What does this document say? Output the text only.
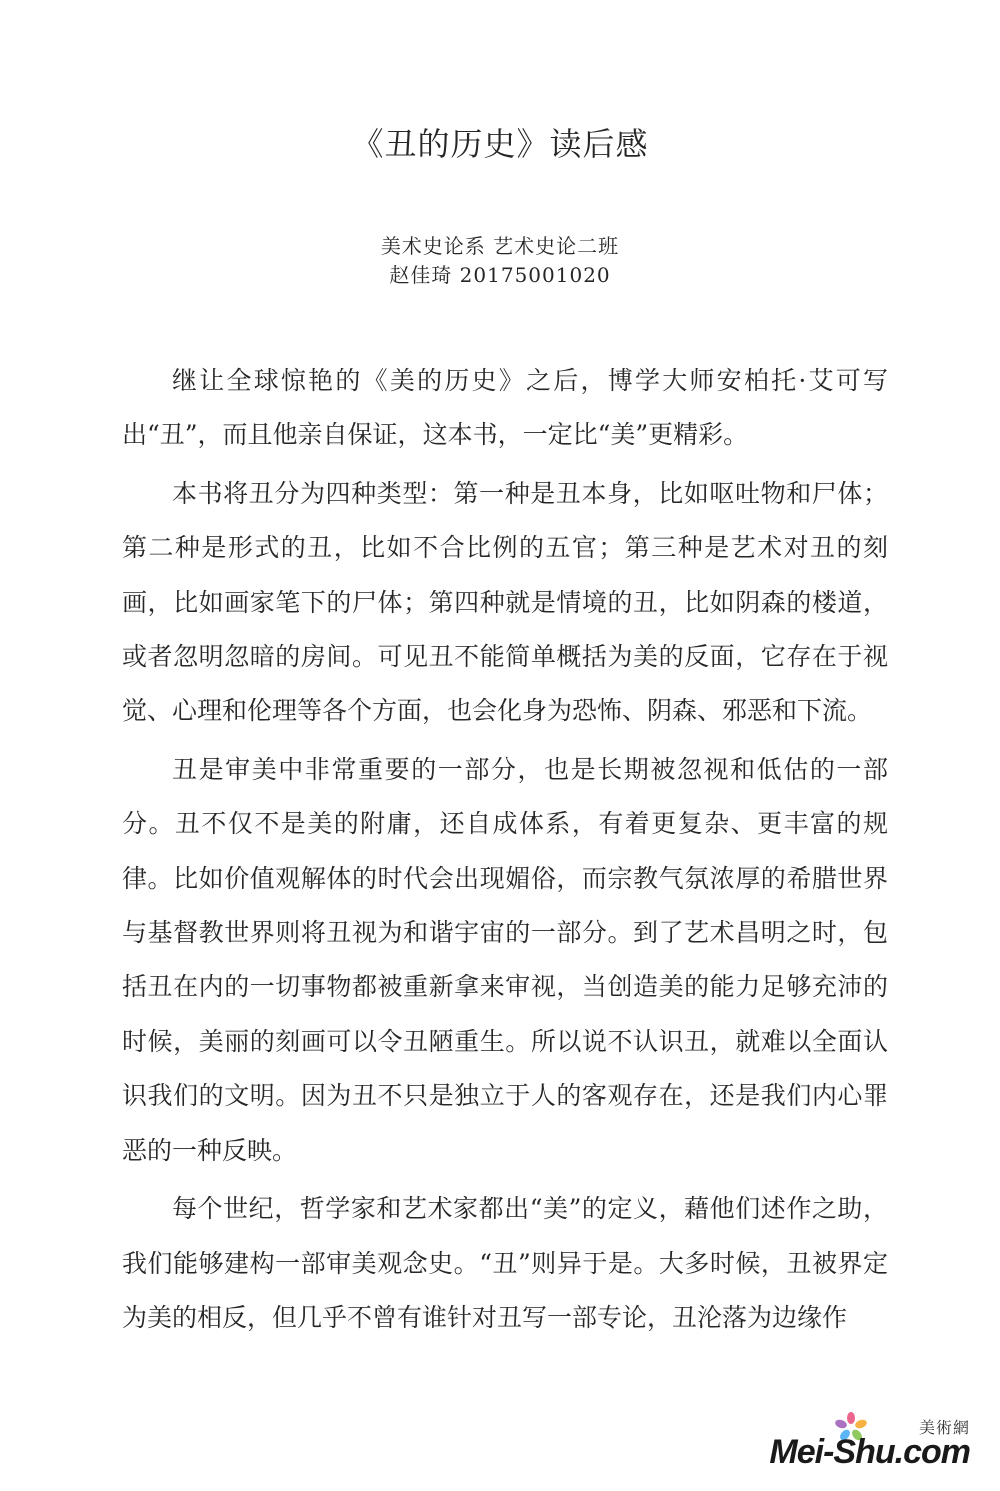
《丑的历史》读后感
美术史论系 艺术史论二班
赵佳琦 20175001020

继让全球惊艳的《美的历史》之后，博学大师安柏托·艾可写出“丑”，而且他亲自保证，这本书，一定比“美”更精彩。

本书将丑分为四种类型：第一种是丑本身，比如呕吐物和尸体；第二种是形式的丑，比如不合比例的五官；第三种是艺术对丑的刻画，比如画家笔下的尸体；第四种就是情境的丑，比如阴森的楼道，或者忽明忽暗的房间。可见丑不能简单概括为美的反面，它存在于视觉、心理和伦理等各个方面，也会化身为恐怖、阴森、邪恶和下流。

丑是审美中非常重要的一部分，也是长期被忽视和低估的一部分。丑不仅不是美的附庸，还自成体系，有着更复杂、更丰富的规律。比如价值观解体的时代会出现媚俗，而宗教气氛浓厚的希腊世界与基督教世界则将丑视为和谐宇宙的一部分。到了艺术昌明之时，包括丑在内的一切事物都被重新拿来审视，当创造美的能力足够充沛的时候，美丽的刻画可以令丑陋重生。所以说不认识丑，就难以全面认识我们的文明。因为丑不只是独立于人的客观存在，还是我们内心罪恶的一种反映。

每个世纪，哲学家和艺术家都出“美”的定义，藉他们述作之助，我们能够建构一部审美观念史。“丑”则异于是。大多时候，丑被界定为美的相反，但几乎不曾有谁针对丑写一部专论，丑沦落为边缘作

美術網
Mei-Shu.com
